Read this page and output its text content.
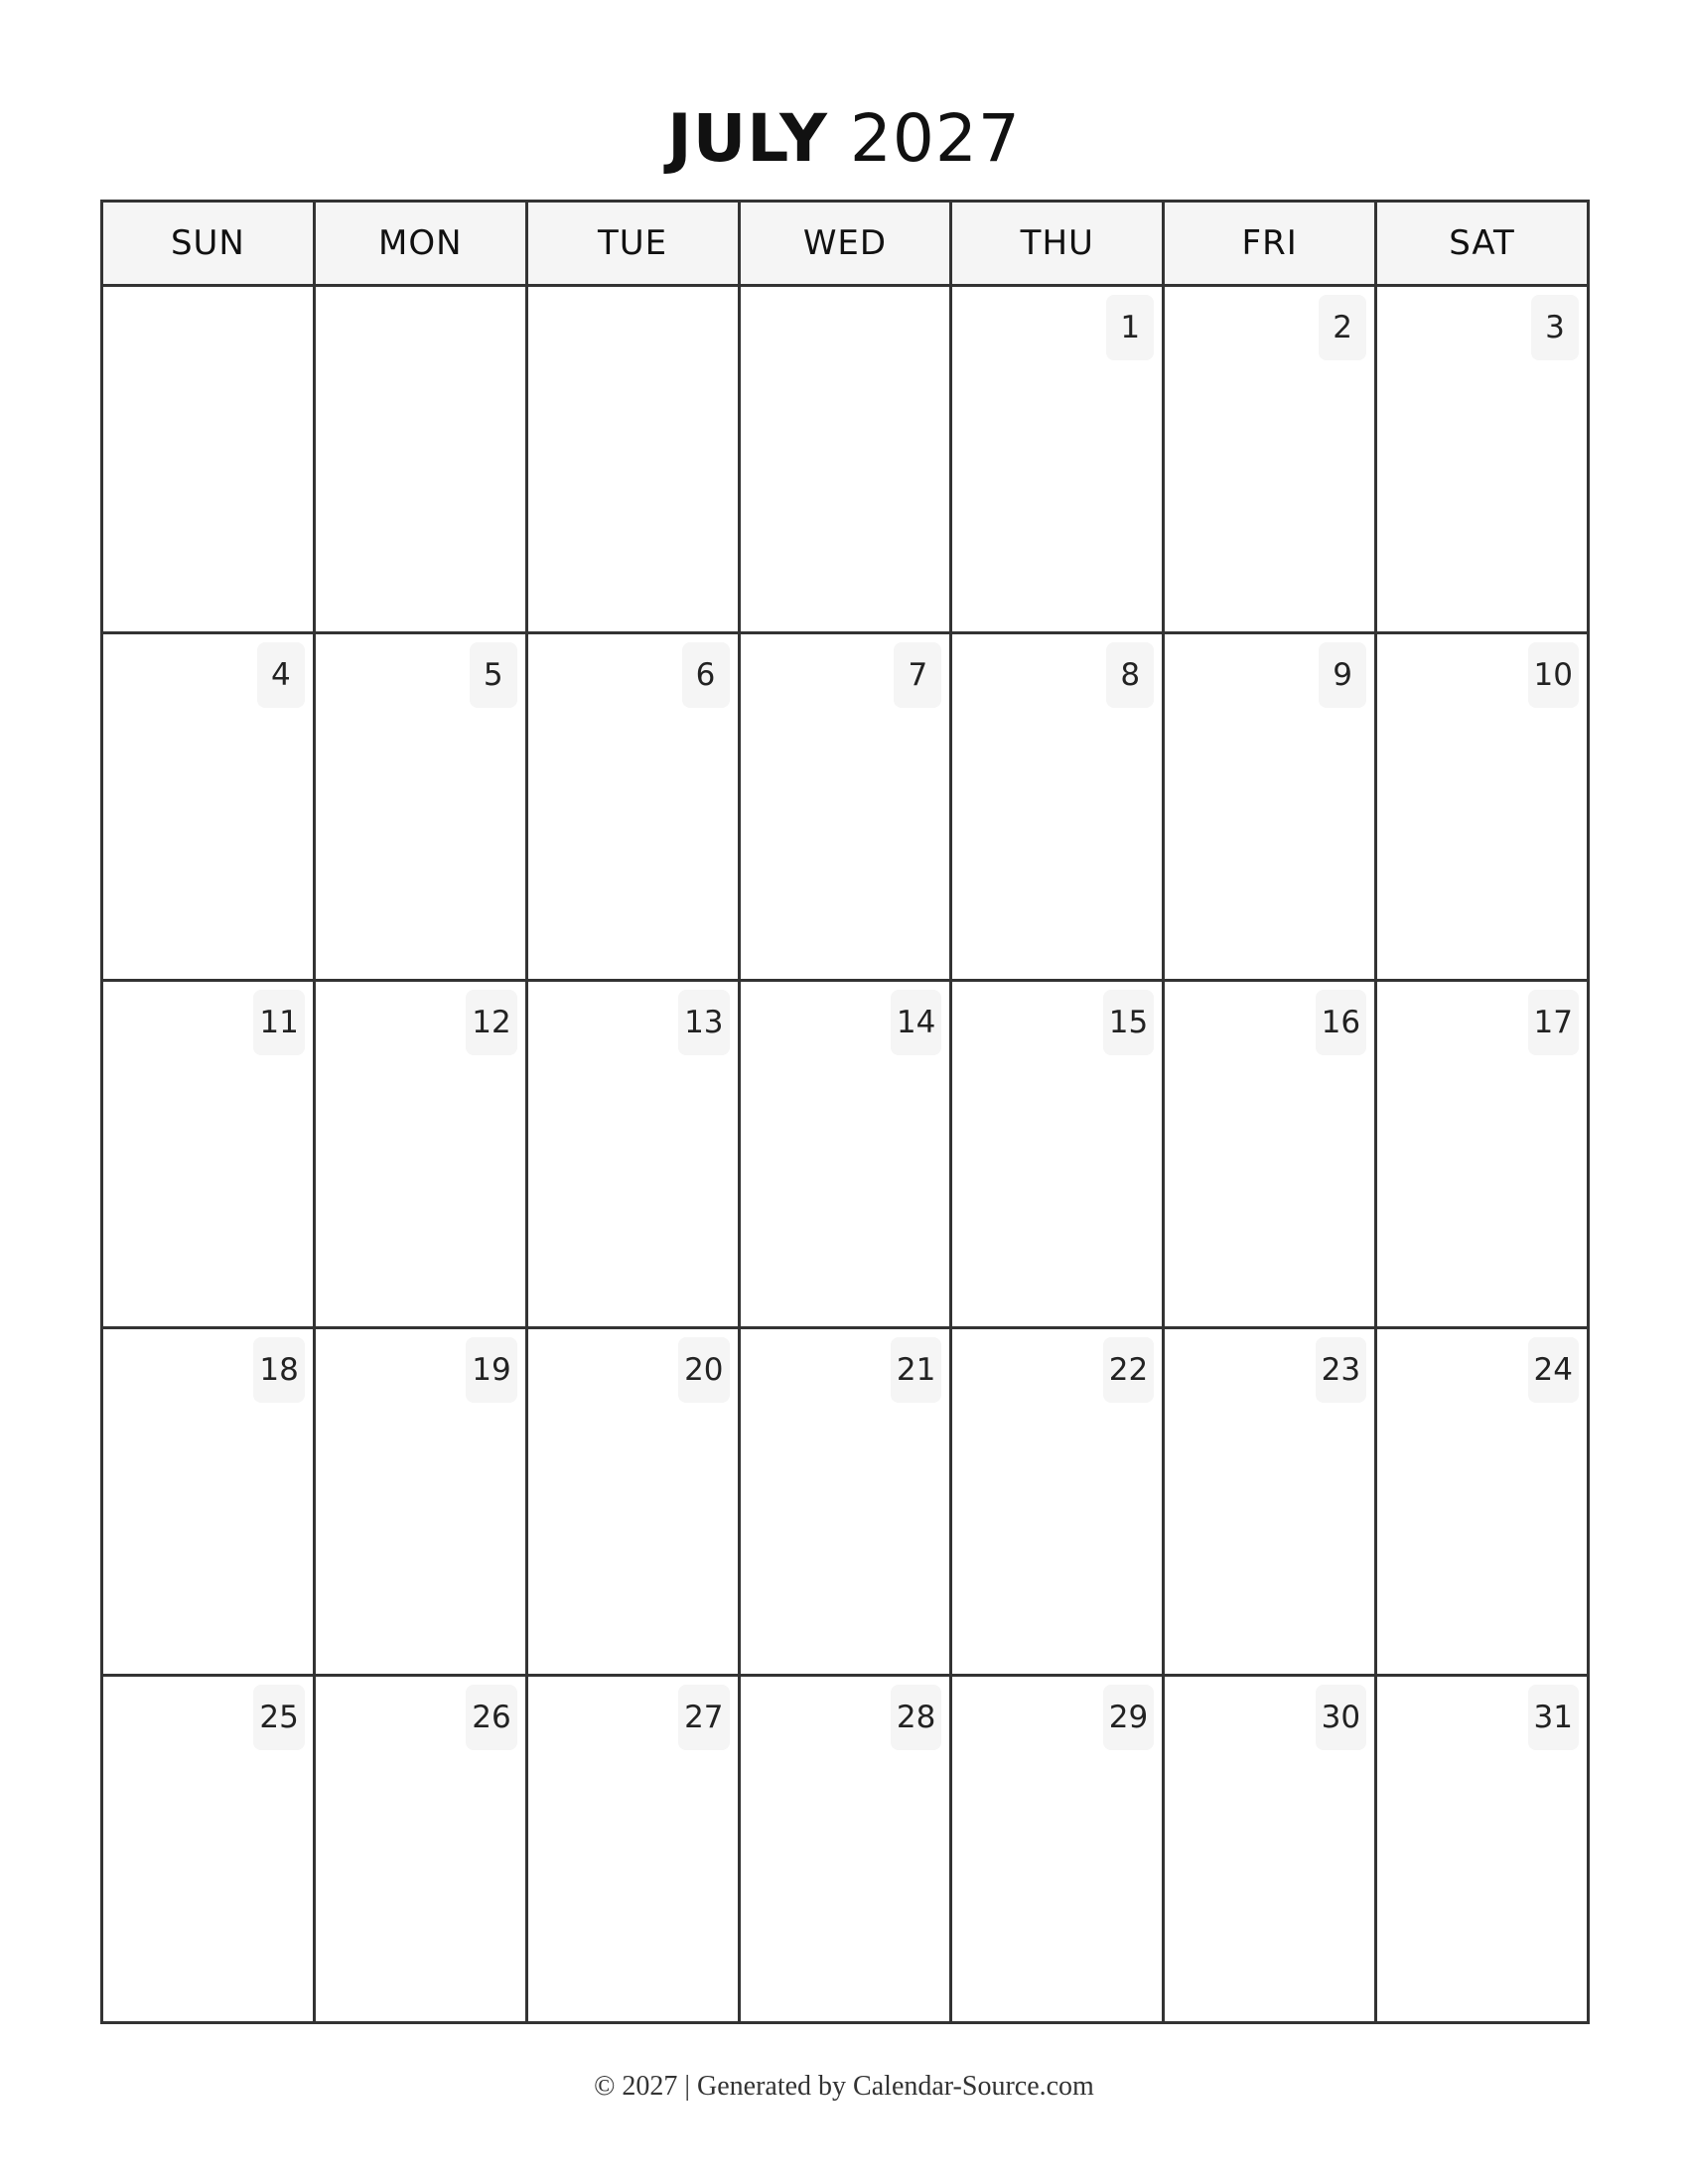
JULY 2027
SUN	MON	TUE	WED	THU	FRI	SAT

				1	2	3

4	5	6	7	8	9	10

11	12	13	14	15	16	17

18	19	20	21	22	23	24

25	26	27	28	29	30	31
© 2027 | Generated by Calendar-Source.com
